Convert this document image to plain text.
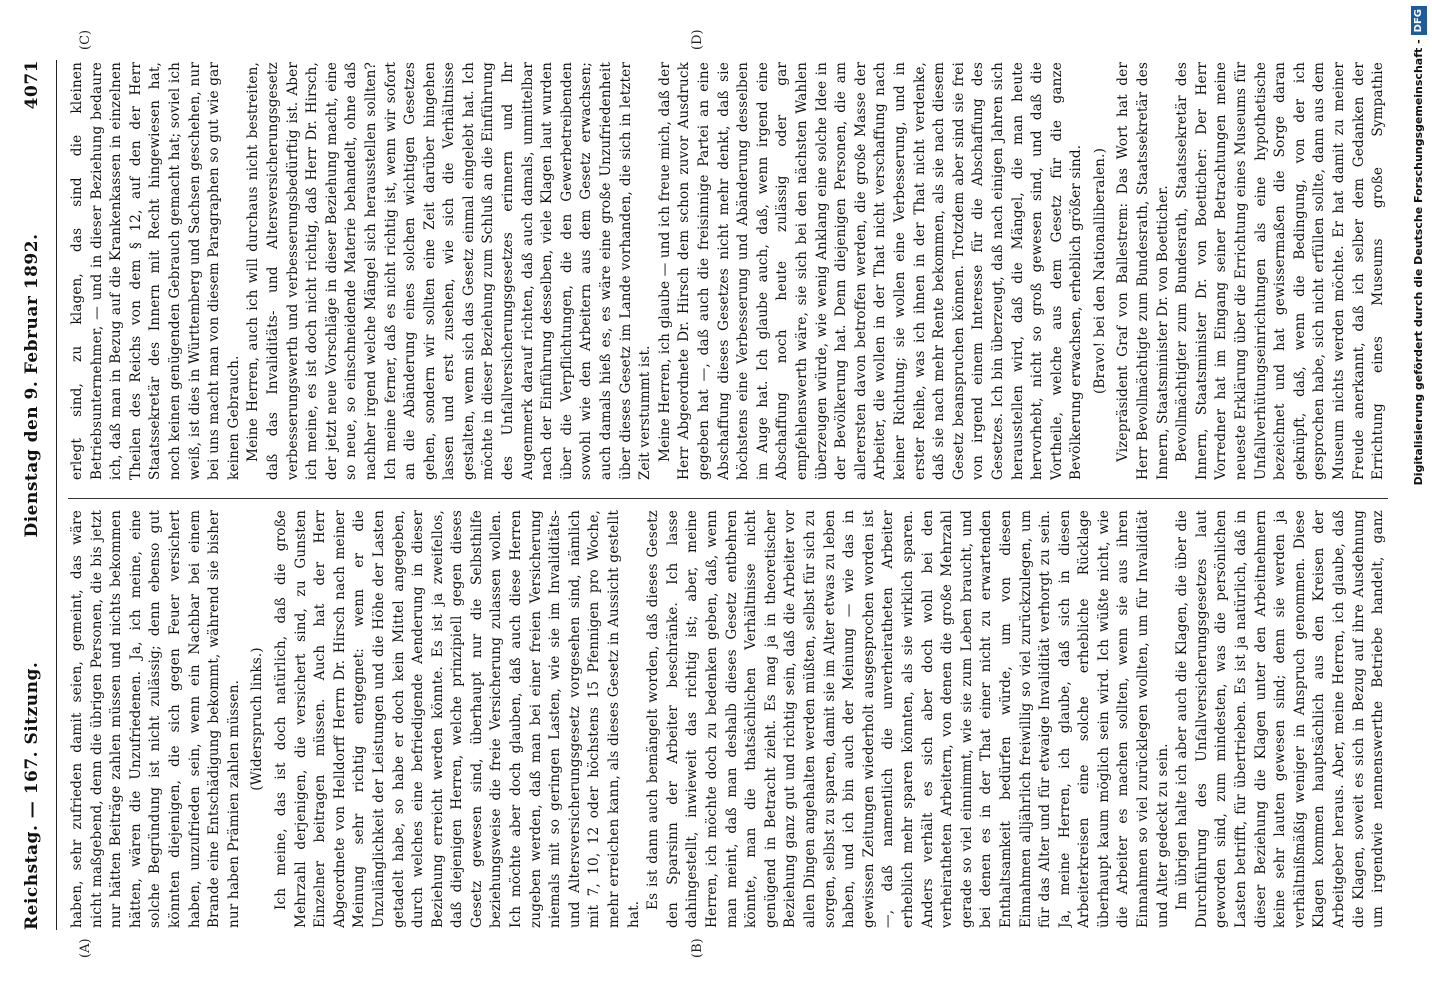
Reichstag. — 167. Sitzung.
Dienstag den 9. Februar 1892.
4071
(A)	(B)
(C)	(D)

haben, sehr zufrieden damit seien, gemeint, das wäre nicht maßgebend, denn die übrigen Personen, die bis jetzt nur hätten Beiträge zahlen müssen und nichts bekommen hätten, wären die Unzufriedenen. Ja, ich meine, eine solche Begründung ist nicht zulässig; denn ebenso gut könnten diejenigen, die sich gegen Feuer versichert haben, unzufrieden sein, wenn ein Nachbar bei einem Brande eine Entschädigung bekommt, während sie bisher nur haben Prämien zahlen müssen. (Widerspruch links.) Ich meine, das ist doch natürlich, daß die große Mehrzahl derjenigen, die versichert sind, zu Gunsten Einzelner beitragen müssen. Auch hat der Herr Abgeordnete von Helldorff Herrn Dr. Hirsch nach meiner Meinung sehr richtig entgegnet: wenn er die Unzulänglichkeit der Leistungen und die Höhe der Lasten getadelt habe, so habe er doch kein Mittel angegeben, durch welches eine befriedigende Aenderung in dieser Beziehung erreicht werden könnte. Es ist ja zweifellos, daß diejenigen Herren, welche prinzipiell gegen dieses Gesetz gewesen sind, überhaupt nur die Selbsthilfe beziehungsweise die freie Versicherung zulassen wollen. Ich möchte aber doch glauben, daß auch diese Herren zugeben werden, daß man bei einer freien Versicherung niemals mit so geringen Lasten, wie sie im Invaliditäts- und Altersversicherungsgesetz vorgesehen sind, nämlich mit 7, 10, 12 oder höchstens 15 Pfennigen pro Woche, mehr erreichen kann, als dieses Gesetz in Aussicht gestellt hat.

Es ist dann auch bemängelt worden, daß dieses Gesetz den Sparsinn der Arbeiter beschränke. Ich lasse dahingestellt, inwieweit das richtig ist; aber, meine Herren, ich möchte doch zu bedenken geben, daß, wenn man meint, daß man deshalb dieses Gesetz entbehren könnte, man die thatsächlichen Verhältnisse nicht genügend in Betracht zieht. Es mag ja in theoretischer Beziehung ganz gut und richtig sein, daß die Arbeiter vor allen Dingen angehalten werden müßten, selbst für sich zu sorgen, selbst zu sparen, damit sie im Alter etwas zu leben haben, und ich bin auch der Meinung — wie das in gewissen Zeitungen wiederholt ausgesprochen worden ist —, daß namentlich die unverheiratheten Arbeiter erheblich mehr sparen könnten, als sie wirklich sparen. Anders verhält es sich aber doch wohl bei den verheiratheten Arbeitern, von denen die große Mehrzahl gerade so viel einnimmt, wie sie zum Leben braucht, und bei denen es in der That einer nicht zu erwartenden Enthaltsamkeit bedürfen würde, um von diesen Einnahmen alljährlich freiwillig so viel zurückzulegen, um für das Alter und für etwaige Invalidität verhorgt zu sein. Ja, meine Herren, ich glaube, daß sich in diesen Arbeiterkreisen eine solche erhebliche Rücklage überhaupt kaum möglich sein wird. Ich wüßte nicht, wie die Arbeiter es machen sollten, wenn sie aus ihren Einnahmen so viel zurücklegen wollten, um für Invalidität und Alter gedeckt zu sein. Im übrigen halte ich aber auch die Klagen, die über die Durchführung des Unfallversicherungsgesetzes laut geworden sind, zum mindesten, was die persönlichen Lasten betrifft, für übertrieben. Es ist ja natürlich, daß in dieser Beziehung die Klagen unter den Arbeitnehmern keine sehr lauten gewesen sind; denn sie werden ja verhältnißmäßig weniger in Anspruch genommen. Diese Klagen kommen hauptsächlich aus den Kreisen der Arbeitgeber heraus. Aber, meine Herren, ich glaube, daß die Klagen, soweit es sich in Bezug auf ihre Ausdehnung um irgendwie nennenswerthe Betriebe handelt, ganz

erlegt sind, zu klagen, das sind die kleinen Betriebsunternehmer, — und in dieser Beziehung bedaure ich, daß man in Bezug auf die Krankenkassen in einzelnen Theilen des Reichs von dem § 12, auf den der Herr Staatssekretär des Innern mit Recht hingewiesen hat, noch keinen genügenden Gebrauch gemacht hat; soviel ich weiß, ist dies in Württemberg und Sachsen geschehen, nur bei uns macht man von diesem Paragraphen so gut wie gar keinen Gebrauch. Meine Herren, auch ich will durchaus nicht bestreiten, daß das Invaliditäts- und Altersversicherungsgesetz verbesserungswerth und verbesserungsbedürftig ist. Aber ich meine, es ist doch nicht richtig, daß Herr Dr. Hirsch, der jetzt neue Vorschläge in dieser Beziehung macht, eine so neue, so einschneidende Materie behandelt, ohne daß nachher irgend welche Mängel sich herausstellen sollten? Ich meine ferner, daß es nicht richtig ist, wenn wir sofort an die Abänderung eines solchen wichtigen Gesetzes gehen, sondern wir sollten eine Zeit darüber hingehen lassen und erst zusehen, wie sich die Verhältnisse gestalten, wenn sich das Gesetz einmal eingelebt hat. Ich möchte in dieser Beziehung zum Schluß an die Einführung des Unfallversicherungsgesetzes erinnern und Ihr Augenmerk darauf richten, daß auch damals, unmittelbar nach der Einführung desselben, viele Klagen laut wurden über die Verpflichtungen, die den Gewerbetreibenden sowohl wie den Arbeitern aus dem Gesetz erwachsen; auch damals hieß es, es wäre eine große Unzufriedenheit über dieses Gesetz im Lande vorhanden, die sich in letzter Zeit verstummt ist. Meine Herren, ich glaube — und ich freue mich, daß der Herr Abgeordnete Dr. Hirsch dem schon zuvor Ausdruck gegeben hat —, daß auch die freisinnige Partei an eine Abschaffung dieses Gesetzes nicht mehr denkt, daß sie höchstens eine Verbesserung und Abänderung desselben im Auge hat. Ich glaube auch, daß, wenn irgend eine Abschaffung noch heute zulässig oder gar empfehlenswerth wäre, sie sich bei den nächsten Wahlen überzeugen würde, wie wenig Anklang eine solche Idee in der Bevölkerung hat. Denn diejenigen Personen, die am allerersten davon betroffen werden, die große Masse der Arbeiter, die wollen in der That nicht verschaffung nach keiner Richtung; sie wollen eine Verbesserung, und in erster Reihe, was ich ihnen in der That nicht verdenke, daß sie nach mehr Rente bekommen, als sie nach diesem Gesetz beanspruchen können. Trotzdem aber sind sie frei von irgend einem Interesse für die Abschaffung des Gesetzes. Ich bin überzeugt, daß nach einigen Jahren sich herausstellen wird, daß die Mängel, die man heute hervorhebt, nicht so groß gewesen sind, und daß die Vortheile, welche aus dem Gesetz für die ganze Bevölkerung erwachsen, erheblich größer sind. (Bravo! bei den Nationalliberalen.) Vizepräsident Graf von Ballestrem: Das Wort hat der Herr Bevollmächtigte zum Bundesrath, Staatssekretär des Innern, Staatsminister Dr. von Boetticher. Bevollmächtigter zum Bundesrath, Staatssekretär des Innern, Staatsminister Dr. von Boetticher: Der Herr Vorredner hat im Eingang seiner Betrachtungen meine neueste Erklärung über die Errichtung eines Museums für Unfallverhütungseinrichtungen als eine hypothetische bezeichnet und hat gewissermaßen die Sorge daran geknüpft, daß, wenn die Bedingung, von der ich gesprochen habe, sich nicht erfüllen sollte, dann aus dem Museum nichts werden möchte. Er hat damit zu meiner Freude anerkannt, daß ich selber dem Gedanken der Errichtung eines Museums große Sympathie	Digitalisierung gefördert durch die Deutsche Forschungsgemeinschaft -
DFG
